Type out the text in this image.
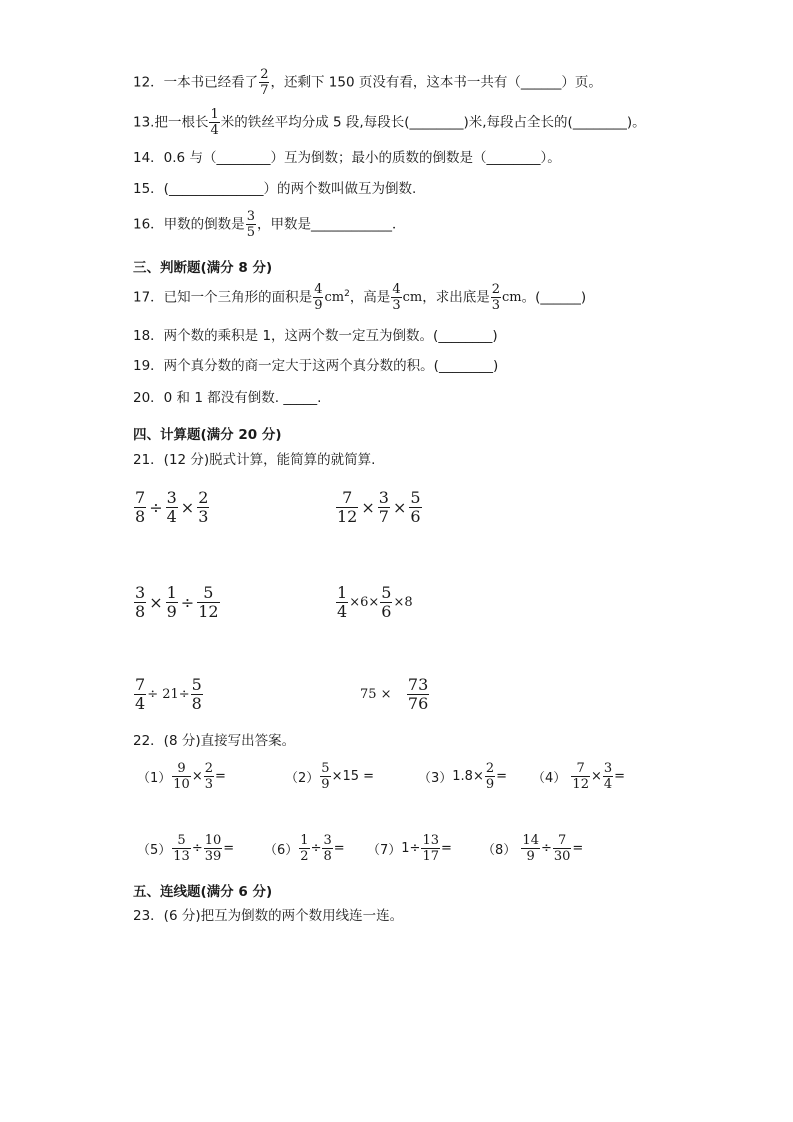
12．一本书已经看了 $\frac{2}{7}$ ，还剩下 150 页没有看，这本书一共有（______）页。
13.把一根长 $\frac{1}{4}$ 米的铁丝平均分成 5 段,每段长(________)米,每段占全长的(________)。
14．0.6 与（________）互为倒数；最小的质数的倒数是（________）。
15．(______________）的两个数叫做互为倒数.
16．甲数的倒数是 $\frac{3}{5}$ ，甲数是____________．
三、判断题(满分 8 分)
17．已知一个三角形的面积是 $\frac{4}{9} cm^2$，高是 $\frac{4}{3}$ cm，求出底是 $\frac{2}{3}$ cm。(______)
18．两个数的乘积是 1，这两个数一定互为倒数。(________)
19．两个真分数的商一定大于这两个真分数的积。(________)
20．0 和 1 都没有倒数. _____.
四、计算题(满分 20 分)
21．(12 分)脱式计算，能简算的就简算.
$\frac{7}{8} \div \frac{3}{4} \times \frac{2}{3}$	$\frac{7}{12} \times \frac{3}{7} \times \frac{5}{6}$
$\frac{3}{8} \times \frac{1}{9} \div \frac{5}{12}$	$\frac{1}{4} \times 6\times \frac{5}{6} \times 8$
$\frac{7}{4} \div 21\div \frac{5}{8}$	$75 \times \frac{73}{76}$
22．(8 分)直接写出答案。
$(1) \frac{9}{10} \times \frac{2}{3}$ =	$(2) \frac{5}{9} \times 15$ =	$(3)1.8\times \frac{2}{9} = (4) \frac{7}{12} \times \frac{3}{4}$ =
$(5) \frac{5}{13} \div \frac{10}{39} = (6) \frac{1}{2} \div \frac{3}{8} = (7)1\div \frac{13}{17} = (8) \frac{14}{9} \div \frac{7}{30}$ =
五、连线题(满分 6 分)
23．(6 分)把互为倒数的两个数用线连一连。
